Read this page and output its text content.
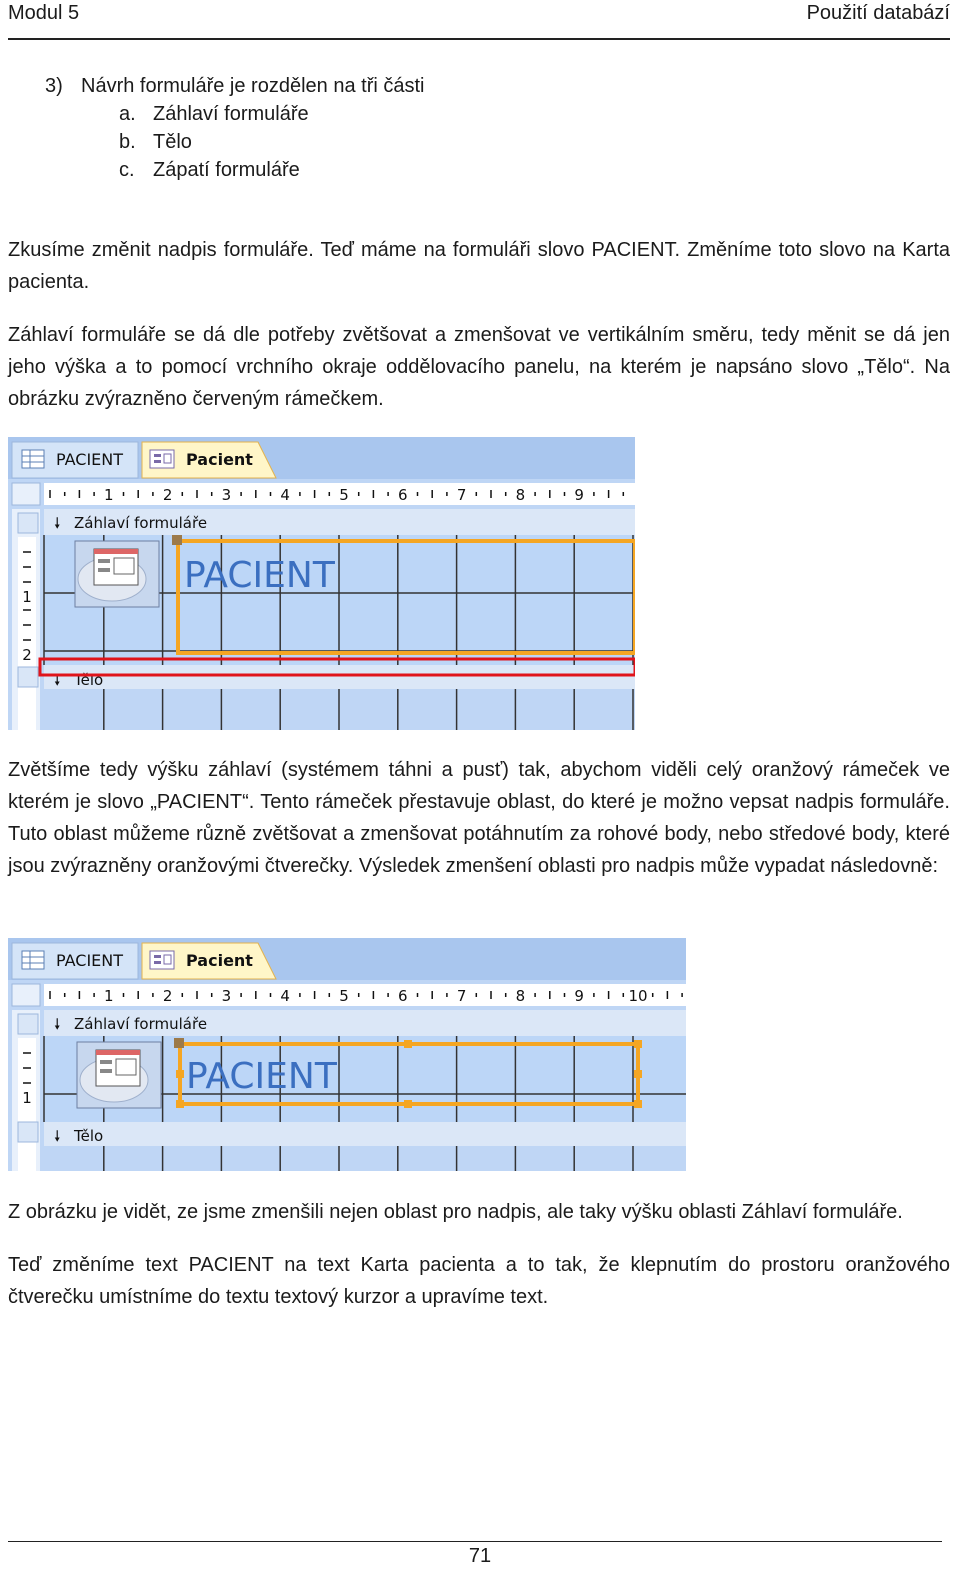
Modul 5	Použití databází
3) Návrh formuláře je rozdělen na tři části
a. Záhlaví formuláře
b. Tělo
c. Zápatí formuláře

Zkusíme změnit nadpis formuláře. Teď máme na formuláři slovo PACIENT. Změníme toto slovo na Karta pacienta.

Záhlaví formuláře se dá dle potřeby zvětšovat a zmenšovat ve vertikálním směru, tedy měnit se dá jen jeho výška a to pomocí vrchního okraje oddělovacího panelu, na kterém je napsáno slovo „Tělo“. Na obrázku zvýrazněno červeným rámečkem.

PACIENT	Pacient
1	2	3	4	5	6	7	8	9
1
2
🠗 Záhlaví formuláře
PACIENT
🠗 Tělo

Zvětšíme tedy výšku záhlaví (systémem táhni a pusť) tak, abychom viděli celý oranžový rámeček ve kterém je slovo „PACIENT“. Tento rámeček přestavuje oblast, do které je možno vepsat nadpis formuláře. Tuto oblast můžeme různě zvětšovat a zmenšovat potáhnutím za rohové body, nebo středové body, které jsou zvýrazněny oranžovými čtverečky. Výsledek zmenšení oblasti pro nadpis může vypadat následovně:

PACIENT	Pacient
1	2	3	4	5	6	7	8	9	10
1
🠗 Záhlaví formuláře
PACIENT
🠗 Tělo

Z obrázku je vidět, ze jsme zmenšili nejen oblast pro nadpis, ale taky výšku oblasti Záhlaví formuláře.

Teď změníme text PACIENT na text Karta pacienta a to tak, že klepnutím do prostoru oranžového čtverečku umístníme do textu textový kurzor a upravíme text.

71
